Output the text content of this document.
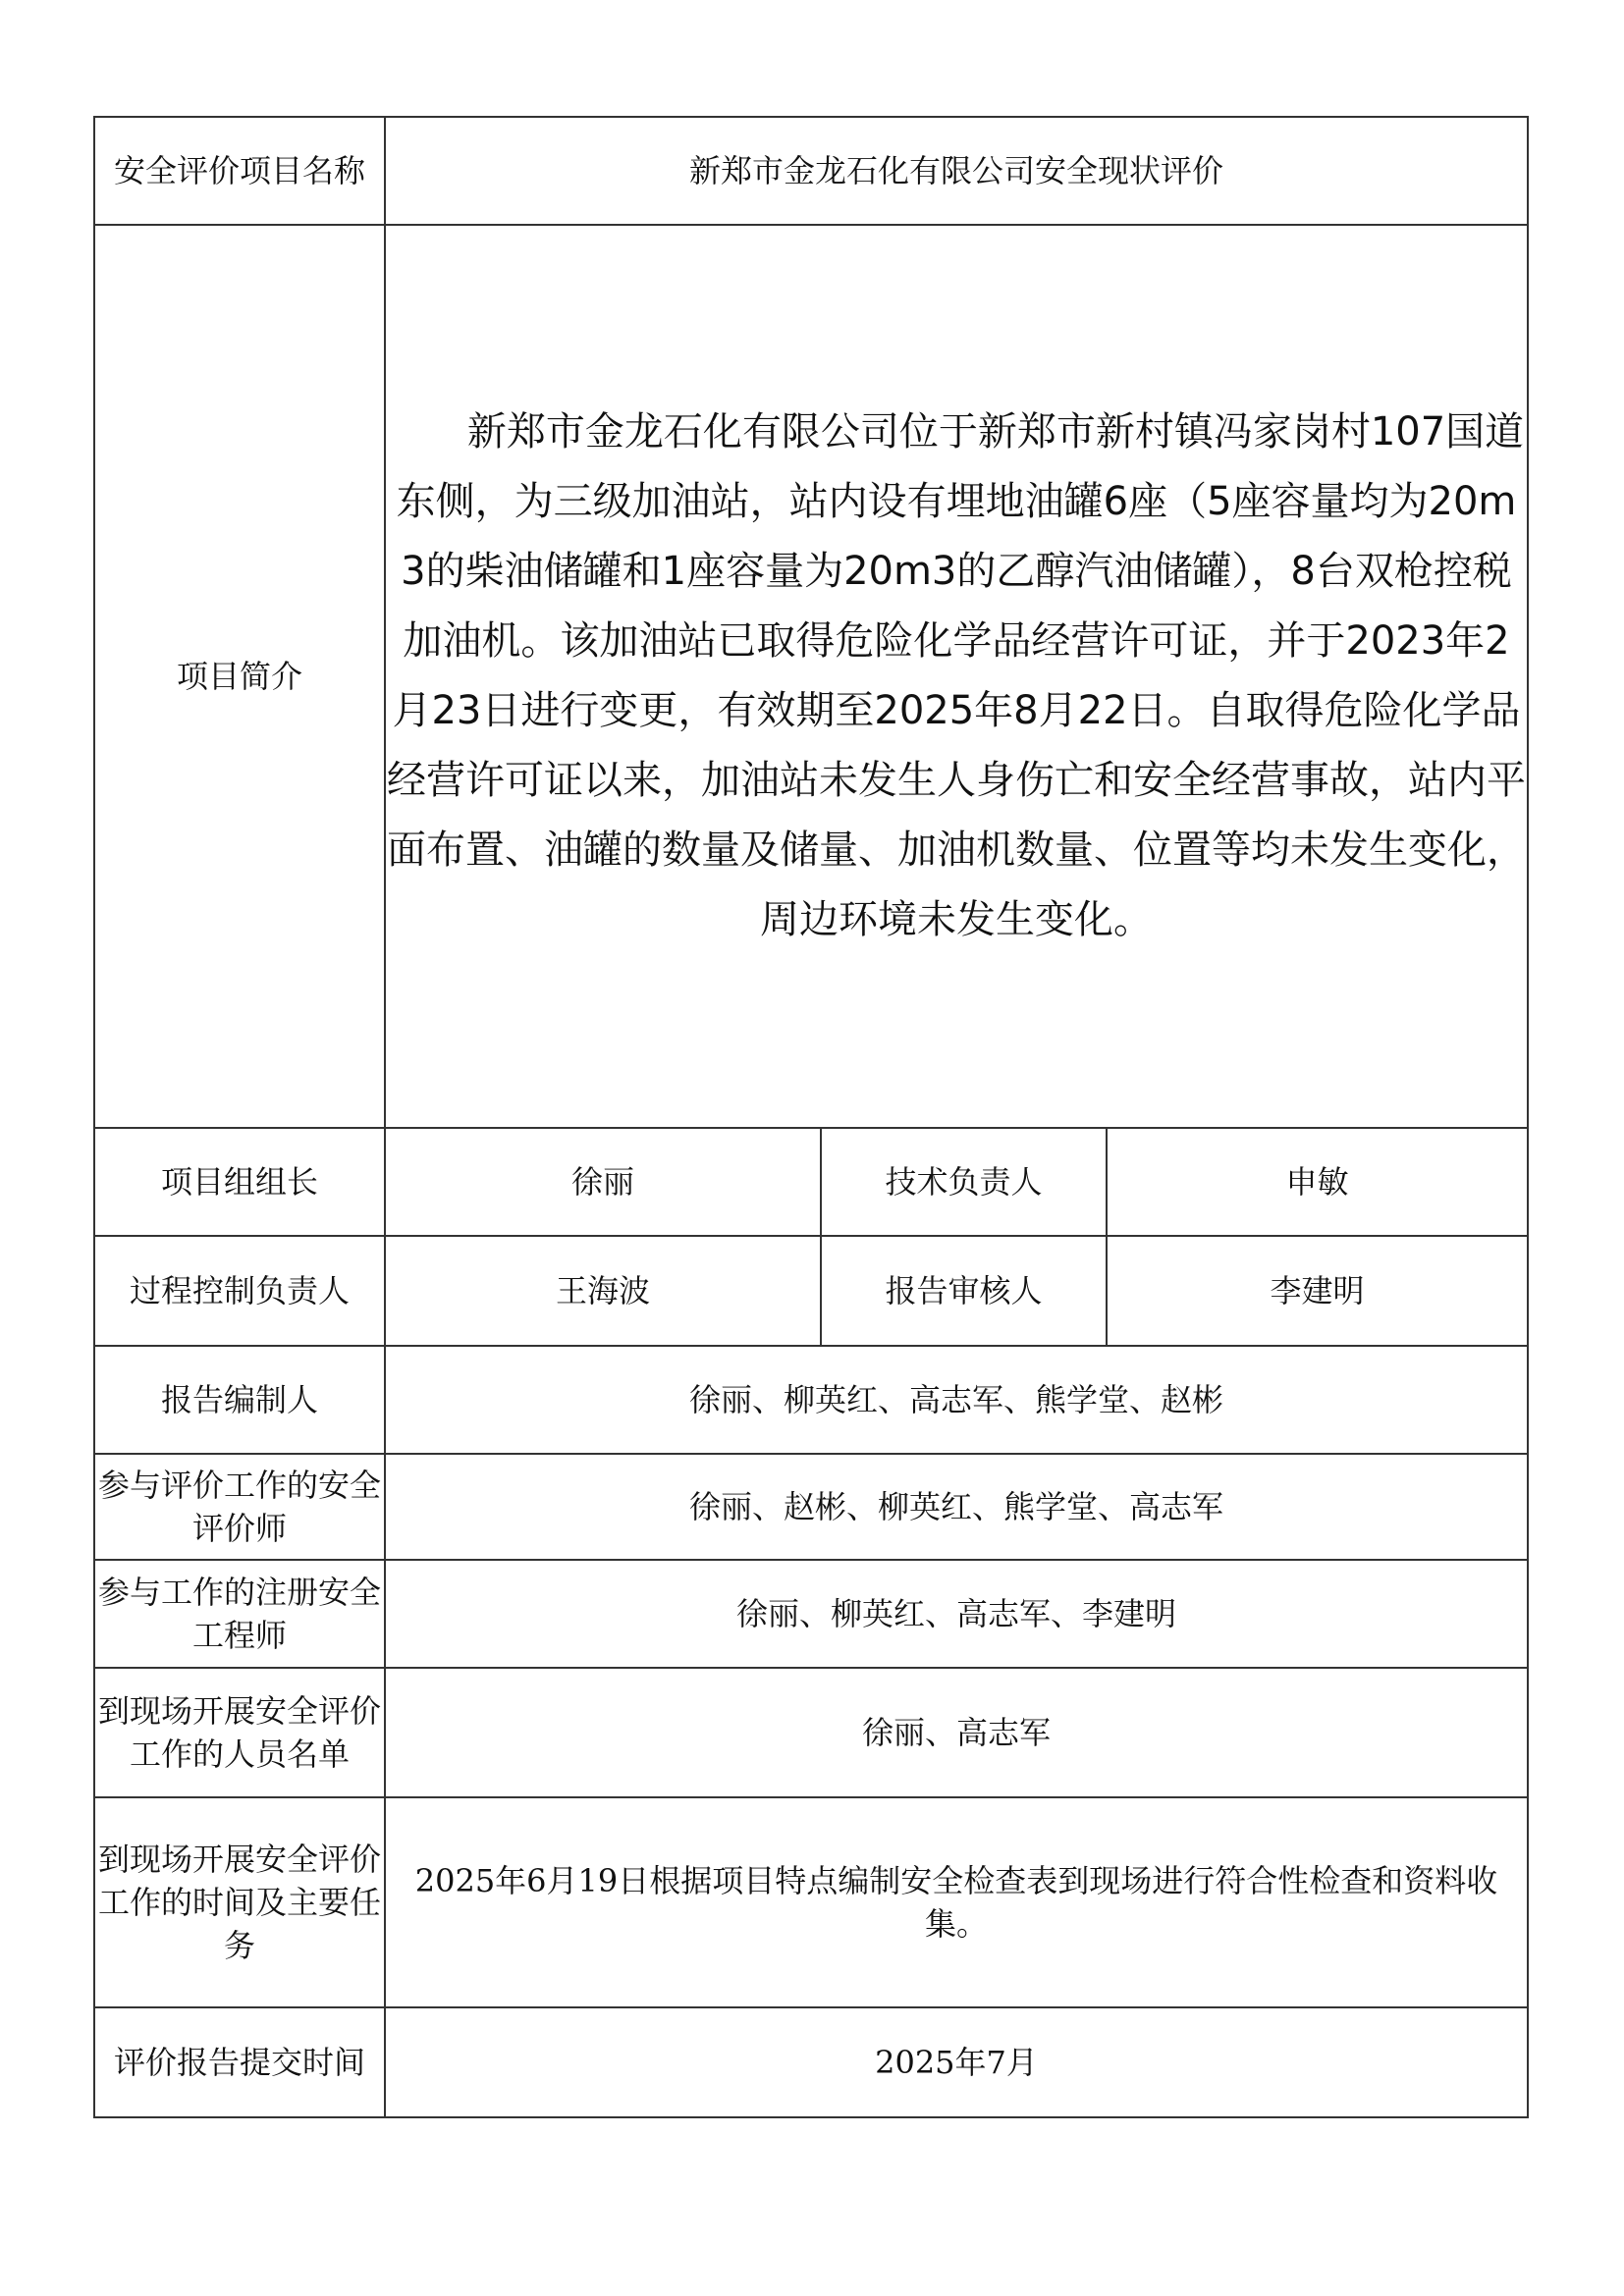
安全评价项目名称	新郑市金龙石化有限公司安全现状评价		
项目简介	新郑市金龙石化有限公司位于新郑市新村镇冯家岗村107国道东侧，为三级加油站，站内设有埋地油罐6座（5座容量均为20m3的柴油储罐和1座容量为20m3的乙醇汽油储罐），8台双枪控税加油机。该加油站已取得危险化学品经营许可证，并于2023年2月23日进行变更，有效期至2025年8月22日。自取得危险化学品经营许可证以来，加油站未发生人身伤亡和安全经营事故，站内平面布置、油罐的数量及储量、加油机数量、位置等均未发生变化，周边环境未发生变化。		

项目组组长	徐丽	技术负责人	申敏
过程控制负责人	王海波	报告审核人	李建明
报告编制人	徐丽、柳英红、高志军、熊学堂、赵彬		
参与评价工作的安全评价师	徐丽、赵彬、柳英红、熊学堂、高志军		
参与工作的注册安全工程师	徐丽、柳英红、高志军、李建明		
到现场开展安全评价工作的人员名单	徐丽、高志军		
到现场开展安全评价工作的时间及主要任务	2025年6月19日根据项目特点编制安全检查表到现场进行符合性检查和资料收集。		
评价报告提交时间	2025年7月		
